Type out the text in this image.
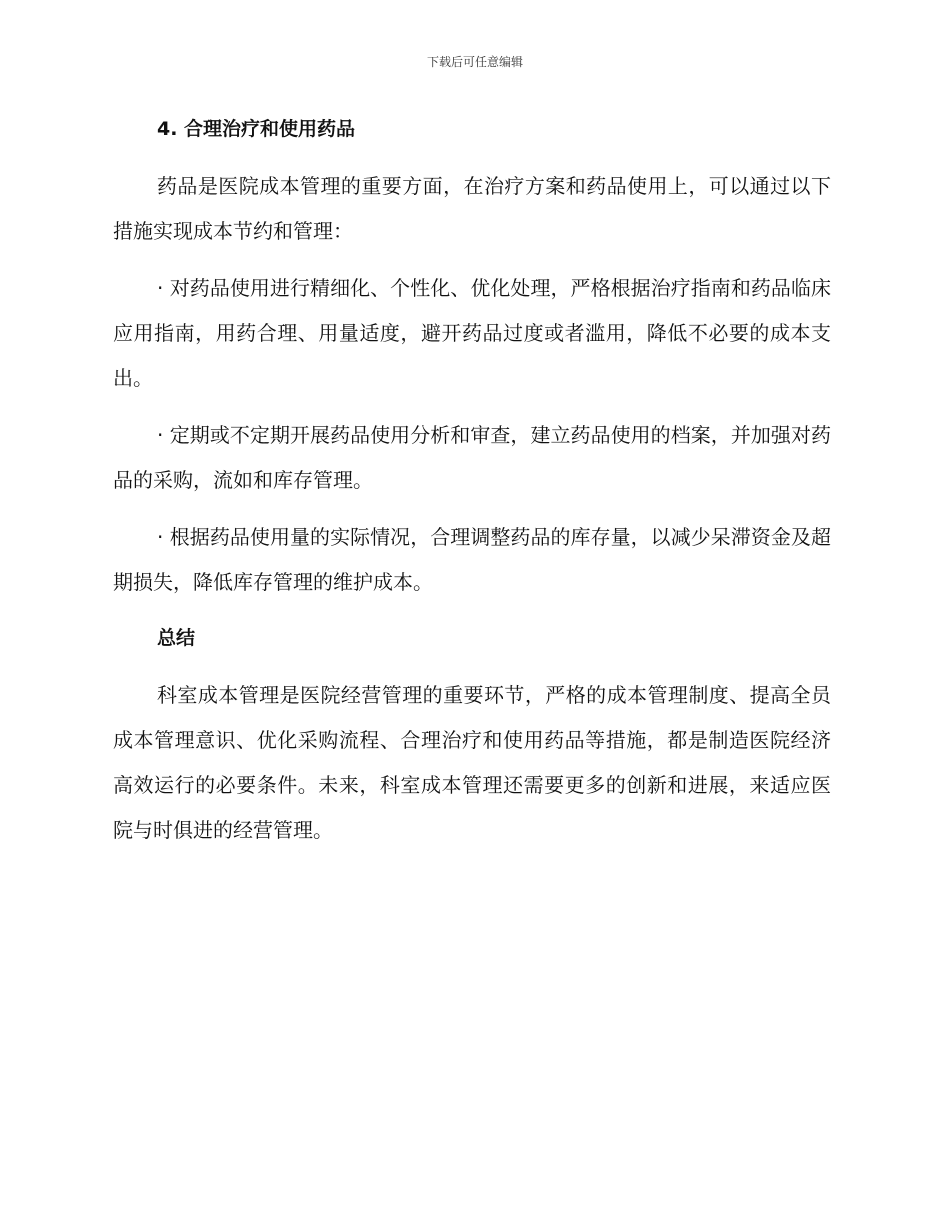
下载后可任意编辑
4. 合理治疗和使用药品

药品是医院成本管理的重要方面，在治疗方案和药品使用上，可以通过以下措施实现成本节约和管理：

· 对药品使用进行精细化、个性化、优化处理，严格根据治疗指南和药品临床应用指南，用药合理、用量适度，避开药品过度或者滥用，降低不必要的成本支出。

· 定期或不定期开展药品使用分析和审查，建立药品使用的档案，并加强对药品的采购，流如和库存管理。

· 根据药品使用量的实际情况，合理调整药品的库存量，以减少呆滞资金及超期损失，降低库存管理的维护成本。

总结

科室成本管理是医院经营管理的重要环节，严格的成本管理制度、提高全员成本管理意识、优化采购流程、合理治疗和使用药品等措施，都是制造医院经济高效运行的必要条件。未来，科室成本管理还需要更多的创新和进展，来适应医院与时俱进的经营管理。
